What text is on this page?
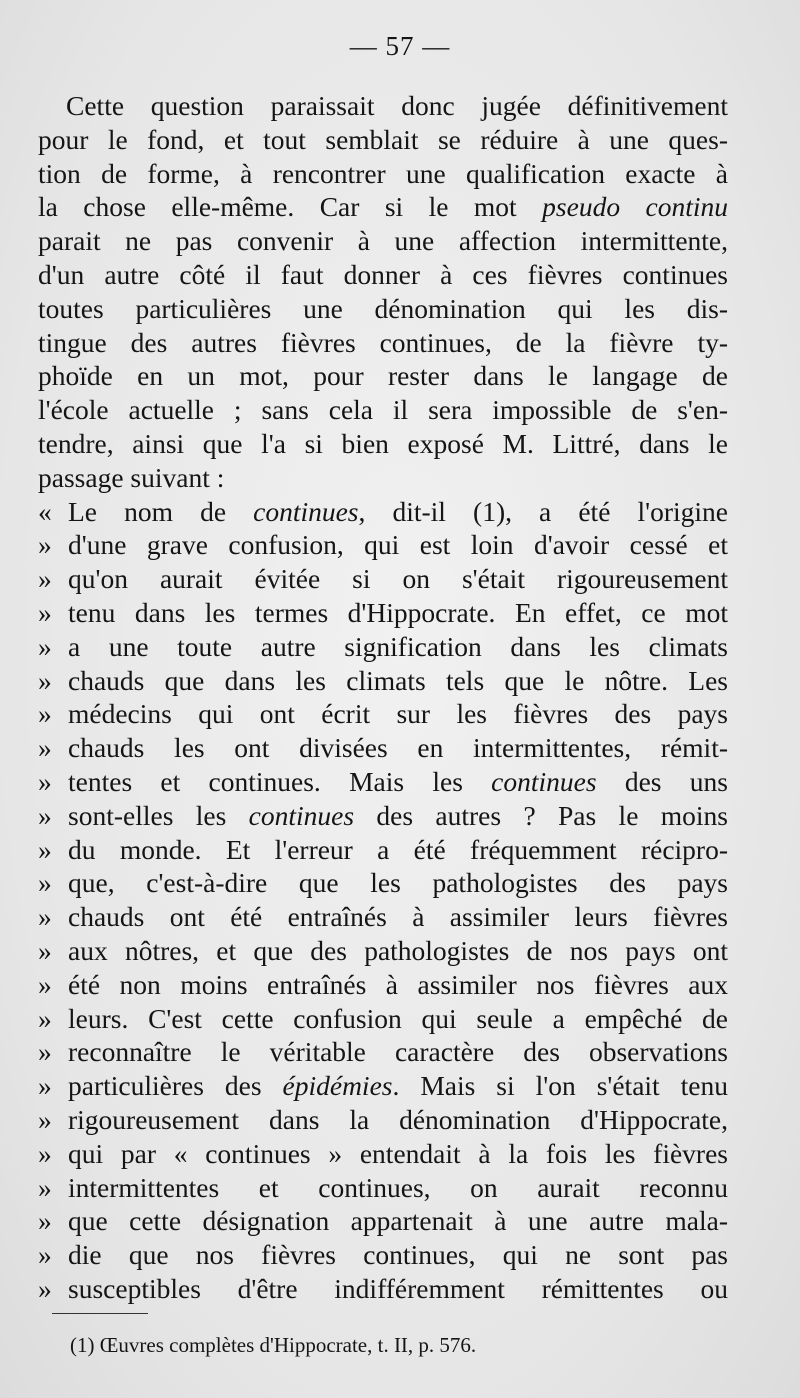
— 57 —
Cette question paraissait donc jugée définitivement
pour le fond, et tout semblait se réduire à une ques-
tion de forme, à rencontrer une qualification exacte à
la chose elle-même. Car si le mot pseudo continu
parait ne pas convenir à une affection intermittente,
d'un autre côté il faut donner à ces fièvres continues
toutes particulières une dénomination qui les dis-
tingue des autres fièvres continues, de la fièvre ty-
phoïde en un mot, pour rester dans le langage de
l'école actuelle ; sans cela il sera impossible de s'en-
tendre, ainsi que l'a si bien exposé M. Littré, dans le
passage suivant :
« Le nom de continues, dit-il (1), a été l'origine
» d'une grave confusion, qui est loin d'avoir cessé et
» qu'on aurait évitée si on s'était rigoureusement
» tenu dans les termes d'Hippocrate. En effet, ce mot
» a une toute autre signification dans les climats
» chauds que dans les climats tels que le nôtre. Les
» médecins qui ont écrit sur les fièvres des pays
» chauds les ont divisées en intermittentes, rémit-
» tentes et continues. Mais les continues des uns
» sont-elles les continues des autres ? Pas le moins
» du monde. Et l'erreur a été fréquemment récipro-
» que, c'est-à-dire que les pathologistes des pays
» chauds ont été entraînés à assimiler leurs fièvres
» aux nôtres, et que des pathologistes de nos pays ont
» été non moins entraînés à assimiler nos fièvres aux
» leurs. C'est cette confusion qui seule a empêché de
» reconnaître le véritable caractère des observations
» particulières des épidémies. Mais si l'on s'était tenu
» rigoureusement dans la dénomination d'Hippocrate,
» qui par « continues » entendait à la fois les fièvres
» intermittentes et continues, on aurait reconnu
» que cette désignation appartenait à une autre mala-
» die que nos fièvres continues, qui ne sont pas
» susceptibles d'être indifféremment rémittentes ou
(1) Œuvres complètes d'Hippocrate, t. II, p. 576.
